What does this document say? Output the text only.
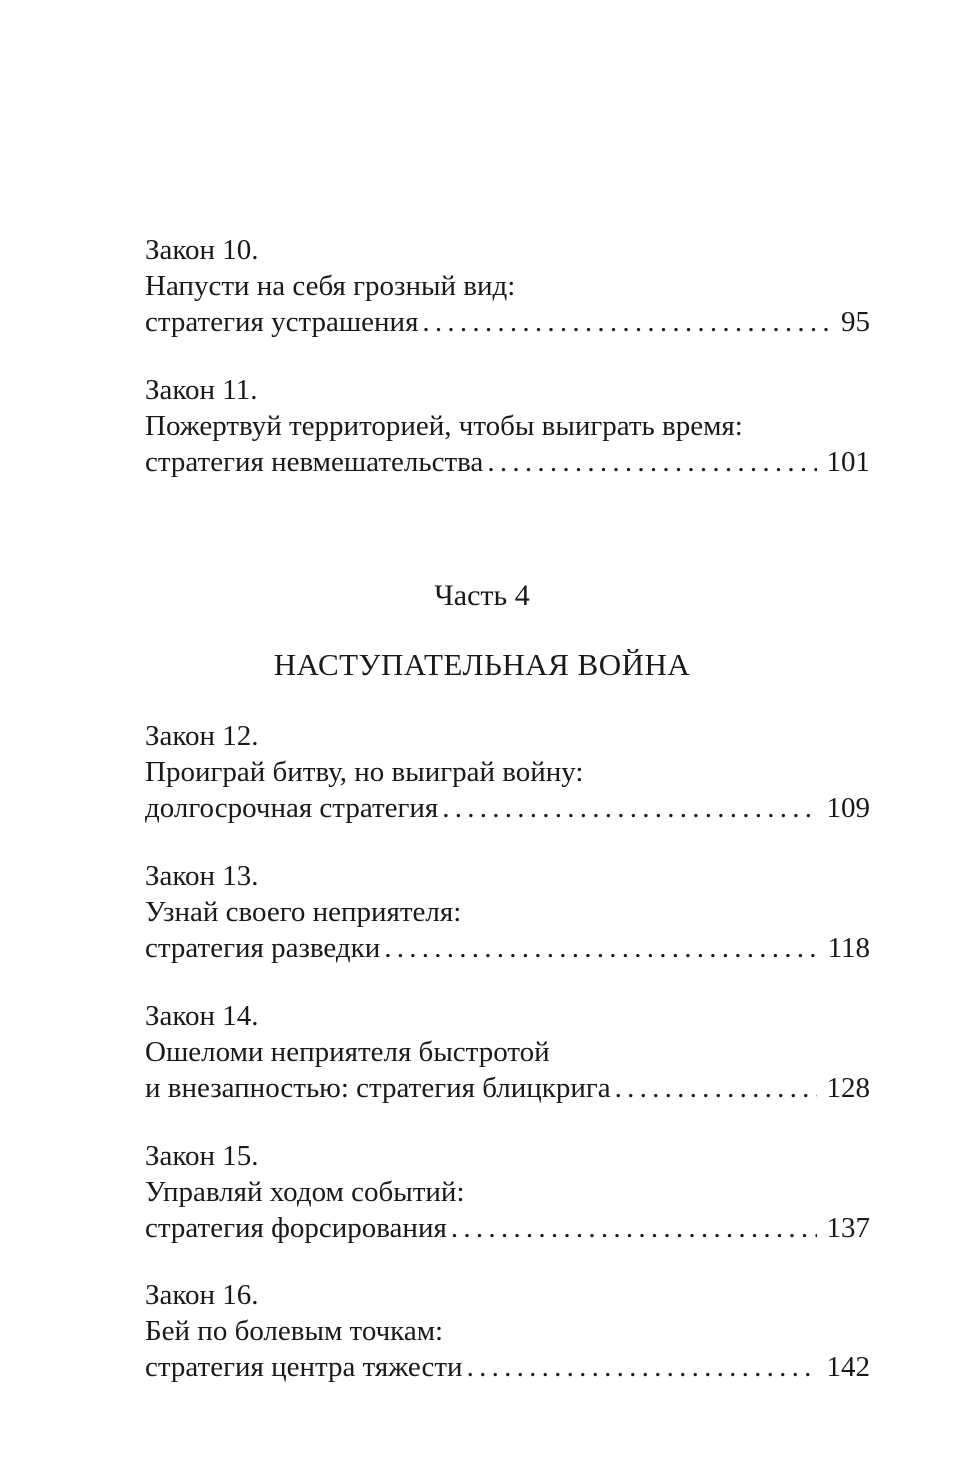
Закон 10.
Напусти на себя грозный вид:
стратегия устрашения . . .	95
Закон 11.
Пожертвуй территорией, чтобы выиграть время:
стратегия невмешательства . . .	101
Часть 4
НАСТУПАТЕЛЬНАЯ ВОЙНА
Закон 12.
Проиграй битву, но выиграй войну:
долгосрочная стратегия . . .	109
Закон 13.
Узнай своего неприятеля:
стратегия разведки . . .	118
Закон 14.
Ошеломи неприятеля быстротой
и внезапностью: стратегия блицкрига . . .	128
Закон 15.
Управляй ходом событий:
стратегия форсирования . . .	137
Закон 16.
Бей по болевым точкам:
стратегия центра тяжести . . .	142
